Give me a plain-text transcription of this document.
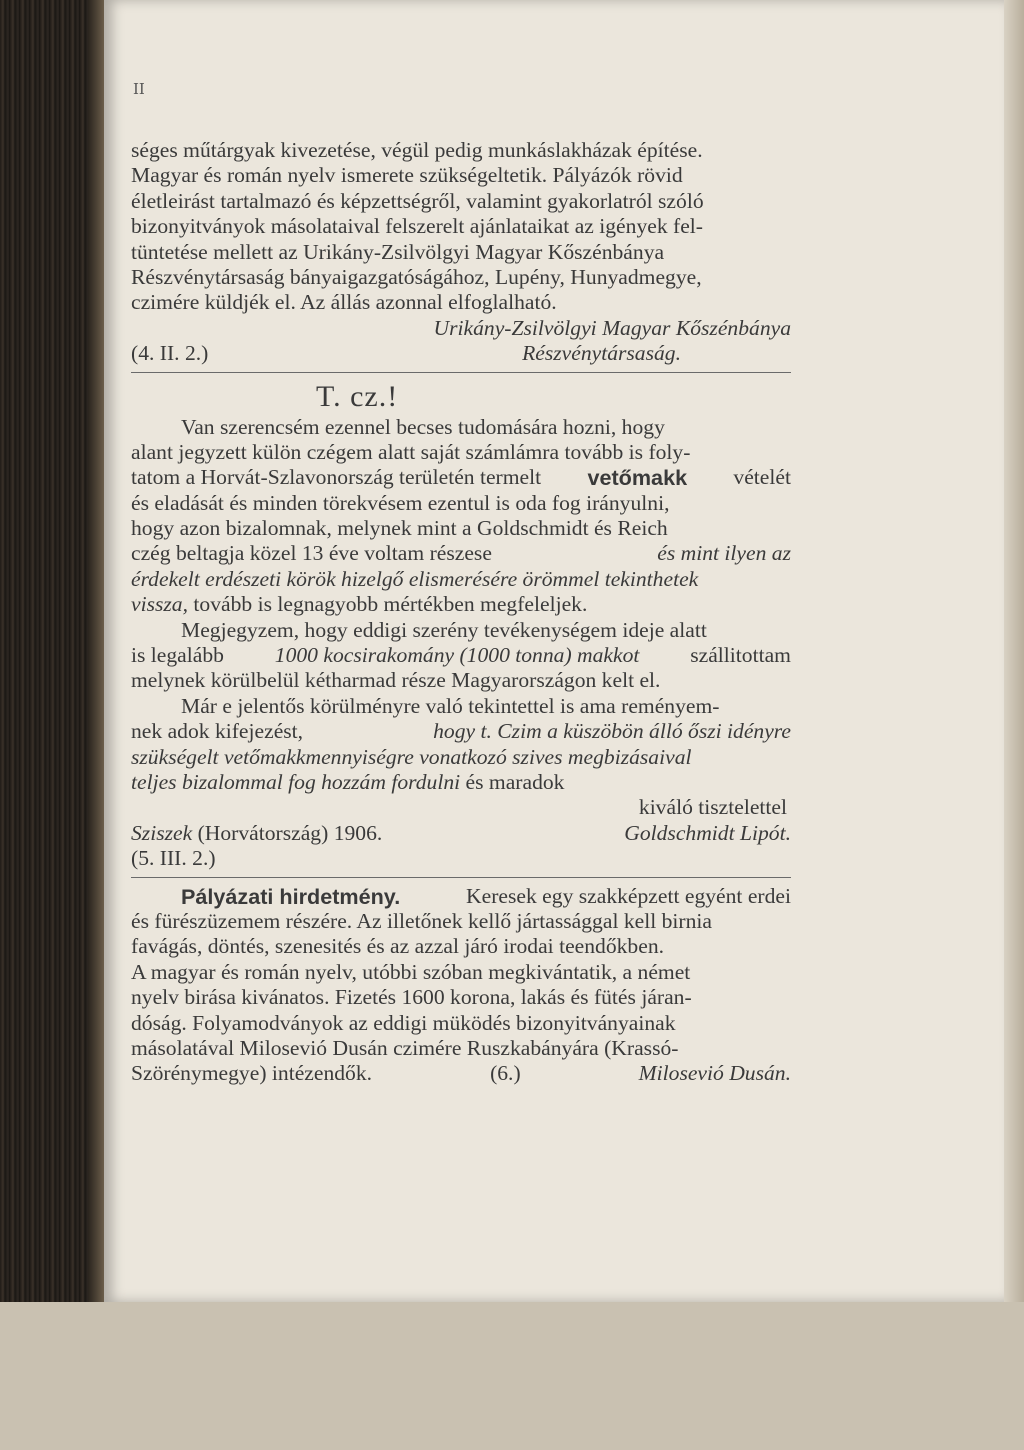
II
séges műtárgyak kivezetése, végül pedig munkáslakházak építése.
Magyar és román nyelv ismerete szükségeltetik. Pályázók rövid
életleirást tartalmazó és képzettségről, valamint gyakorlatról szóló
bizonyitványok másolataival felszerelt ajánlataikat az igények fel-
tüntetése mellett az Urikány-Zsilvölgyi Magyar Kőszénbánya
Részvénytársaság bányaigazgatóságához, Lupény, Hunyadmegye,
czimére küldjék el. Az állás azonnal elfoglalható.
Urikány-Zsilvölgyi Magyar Kőszénbánya
(4. II. 2.)	Részvénytársaság.
T. cz.!
Van szerencsém ezennel becses tudomására hozni, hogy
alant jegyzett külön czégem alatt saját számlámra tovább is foly-
tatom a Horvát-Szlavonország területén termelt vetőmakk vételét
és eladását és minden törekvésem ezentul is oda fog irányulni,
hogy azon bizalomnak, melynek mint a Goldschmidt és Reich
czég beltagja közel 13 éve voltam részese	és mint ilyen az
érdekelt erdészeti körök hizelgő elismerésére örömmel tekinthetek
vissza,
tovább is legnagyobb mértékben megfeleljek.
Megjegyzem, hogy eddigi szerény tevékenységem ideje alatt
is legalább 1000 kocsirakomány (1000 tonna) makkot szállitottam
melynek körülbelül kétharmad része Magyarországon kelt el.
Már e jelentős körülményre való tekintettel is ama reményem-
nek adok kifejezést,	hogy t. Czim a küszöbön álló őszi idényre
szükségelt vetőmakkmennyiségre vonatkozó szives megbizásaival
teljes bizalommal fog hozzám fordulni
és maradok
kiváló tisztelettel
Sziszek (Horvátország) 1906.	Goldschmidt Lipót.
(5. III. 2.)
Pályázati hirdetmény.	Keresek egy szakképzett egyént erdei
és fürészüzemem részére. Az illetőnek kellő jártassággal kell birnia
favágás, döntés, szenesités és az azzal járó irodai teendőkben.
A magyar és román nyelv, utóbbi szóban megkivántatik, a német
nyelv birása kivánatos. Fizetés 1600 korona, lakás és fütés járan-
dóság. Folyamodványok az eddigi müködés bizonyitványainak
másolatával Milosevió Dusán czimére Ruszkabányára (Krassó-
Szörénymegye) intézendők.	(6.)	Milosevió Dusán.
